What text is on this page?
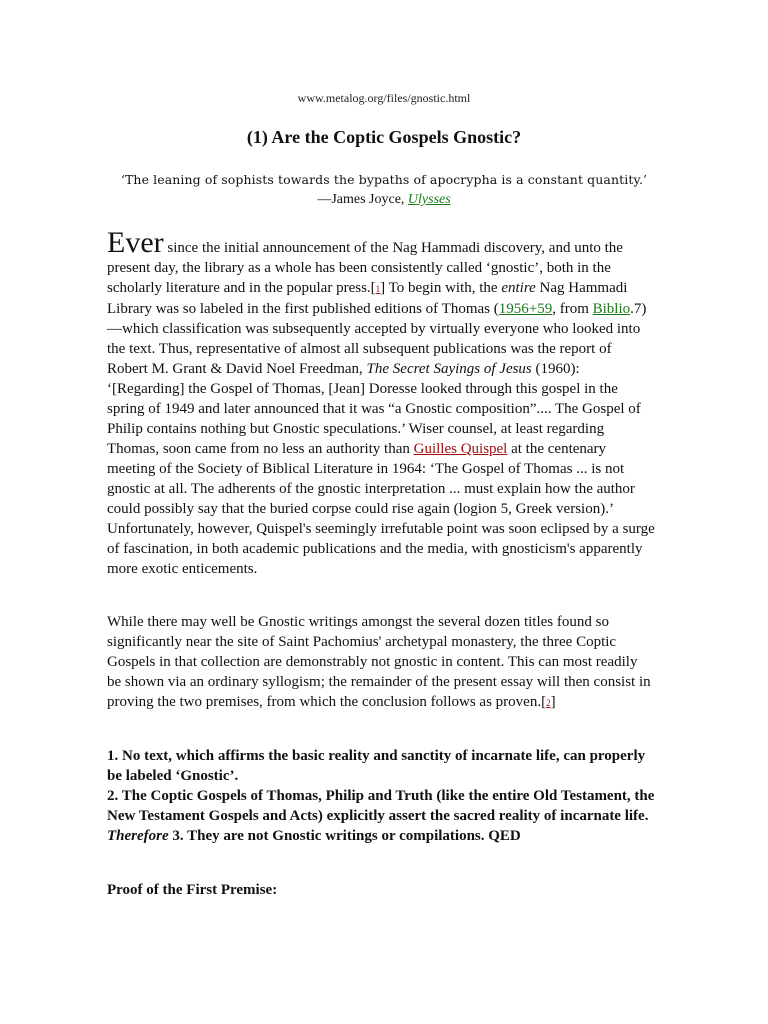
www.metalog.org/files/gnostic.html
(1) Are the Coptic Gospels Gnostic?
‘The leaning of sophists towards the bypaths of apocrypha is a constant quantity.’
—James Joyce, Ulysses

Ever since the initial announcement of the Nag Hammadi discovery, and unto the present day, the library as a whole has been consistently called ‘gnostic’, both in the scholarly literature and in the popular press.[1] To begin with, the entire Nag Hammadi Library was so labeled in the first published editions of Thomas (1956+59, from Biblio.7)—which classification was subsequently accepted by virtually everyone who looked into the text. Thus, representative of almost all subsequent publications was the report of Robert M. Grant & David Noel Freedman, The Secret Sayings of Jesus (1960): ‘[Regarding] the Gospel of Thomas, [Jean] Doresse looked through this gospel in the spring of 1949 and later announced that it was “a Gnostic composition”.... The Gospel of Philip contains nothing but Gnostic speculations.’ Wiser counsel, at least regarding Thomas, soon came from no less an authority than Guilles Quispel at the centenary meeting of the Society of Biblical Literature in 1964: ‘The Gospel of Thomas ... is not gnostic at all. The adherents of the gnostic interpretation ... must explain how the author could possibly say that the buried corpse could rise again (logion 5, Greek version).’ Unfortunately, however, Quispel's seemingly irrefutable point was soon eclipsed by a surge of fascination, in both academic publications and the media, with gnosticism's apparently more exotic enticements.

While there may well be Gnostic writings amongst the several dozen titles found so significantly near the site of Saint Pachomius' archetypal monastery, the three Coptic Gospels in that collection are demonstrably not gnostic in content. This can most readily be shown via an ordinary syllogism; the remainder of the present essay will then consist in proving the two premises, from which the conclusion follows as proven.[2]

1. No text, which affirms the basic reality and sanctity of incarnate life, can properly be labeled ‘Gnostic’.
2. The Coptic Gospels of Thomas, Philip and Truth (like the entire Old Testament, the New Testament Gospels and Acts) explicitly assert the sacred reality of incarnate life.
Therefore 3. They are not Gnostic writings or compilations. QED
Proof of the First Premise:
